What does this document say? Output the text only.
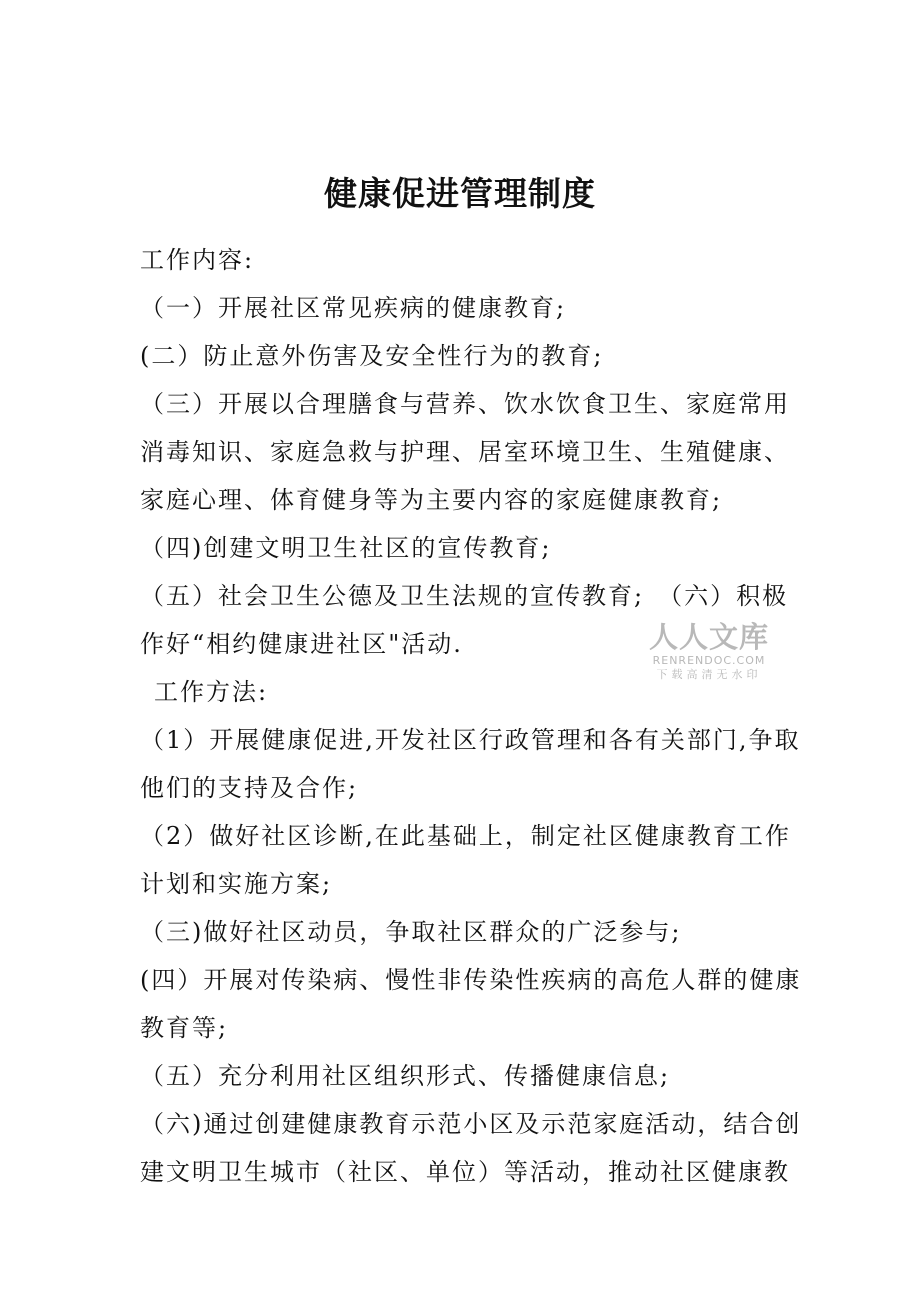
健康促进管理制度
工作内容:
（一）开展社区常见疾病的健康教育;
(二）防止意外伤害及安全性行为的教育;
（三）开展以合理膳食与营养、饮水饮食卫生、家庭常用
消毒知识、家庭急救与护理、居室环境卫生、生殖健康、
家庭心理、体育健身等为主要内容的家庭健康教育;
（四)创建文明卫生社区的宣传教育;
（五）社会卫生公德及卫生法规的宣传教育;　（六）积极
作好“相约健康进社区"活动.
工作方法:
（1）开展健康促进,开发社区行政管理和各有关部门,争取
他们的支持及合作;
（2）做好社区诊断,在此基础上，制定社区健康教育工作
计划和实施方案;
（三)做好社区动员，争取社区群众的广泛参与;
(四）开展对传染病、慢性非传染性疾病的高危人群的健康
教育等;
（五）充分利用社区组织形式、传播健康信息;
（六)通过创建健康教育示范小区及示范家庭活动，结合创
建文明卫生城市（社区、单位）等活动，推动社区健康教
人人文库
RENRENDOC.COM
下载高清无水印
